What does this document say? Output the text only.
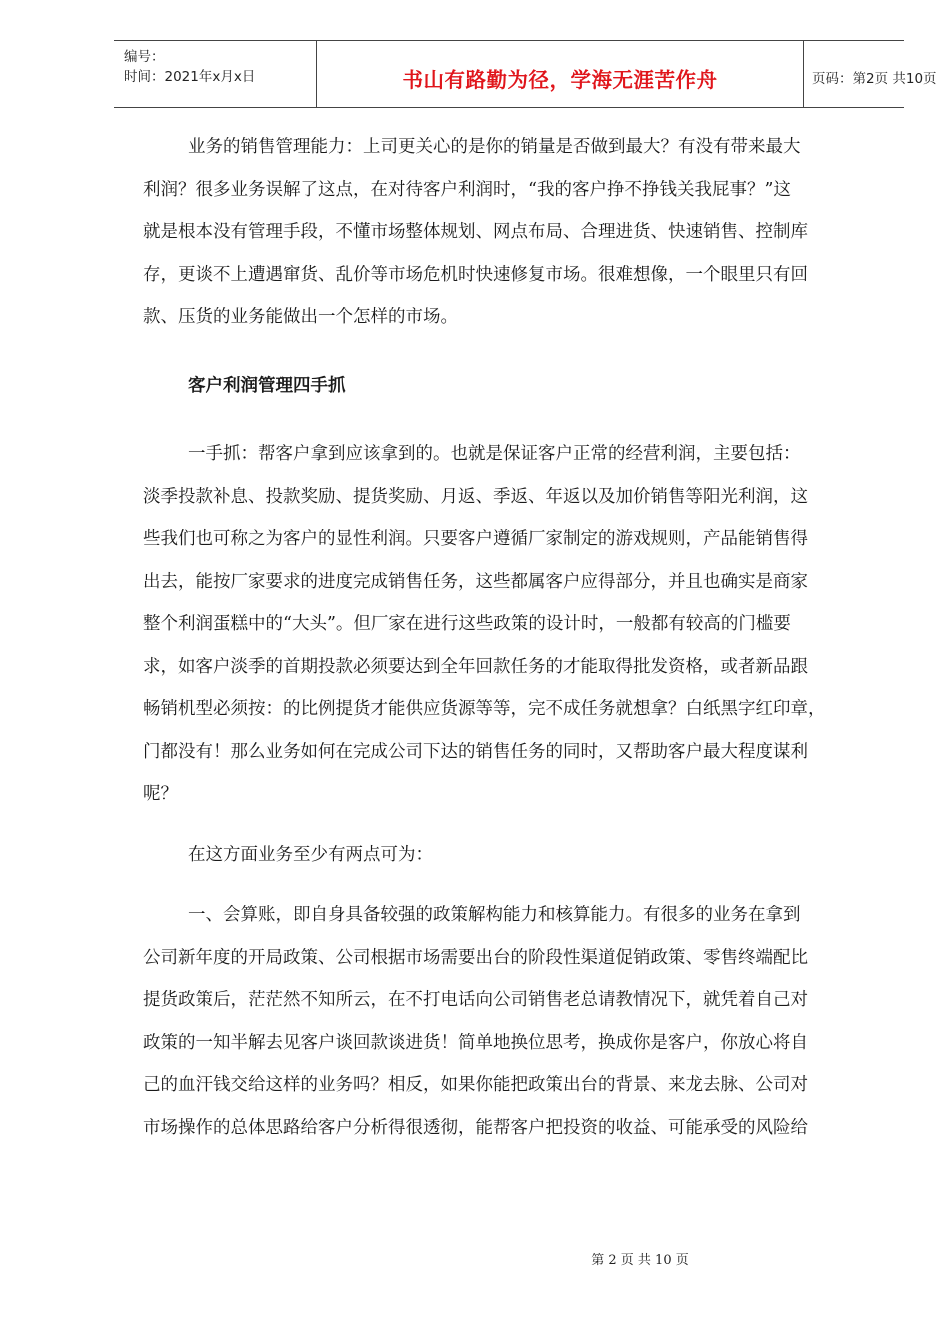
编号：
时间：2021年x月x日	书山有路勤为径，学海无涯苦作舟	页码：第2页 共10页

业务的销售管理能力：上司更关心的是你的销量是否做到最大？有没有带来最大

利润？很多业务误解了这点，在对待客户利润时，“我的客户挣不挣钱关我屁事？”这

就是根本没有管理手段，不懂市场整体规划、网点布局、合理进货、快速销售、控制库

存，更谈不上遭遇窜货、乱价等市场危机时快速修复市场。很难想像，一个眼里只有回

款、压货的业务能做出一个怎样的市场。

客户利润管理四手抓

一手抓：帮客户拿到应该拿到的。也就是保证客户正常的经营利润，主要包括：

淡季投款补息、投款奖励、提货奖励、月返、季返、年返以及加价销售等阳光利润，这

些我们也可称之为客户的显性利润。只要客户遵循厂家制定的游戏规则，产品能销售得

出去，能按厂家要求的进度完成销售任务，这些都属客户应得部分，并且也确实是商家

整个利润蛋糕中的“大头”。但厂家在进行这些政策的设计时，一般都有较高的门槛要

求，如客户淡季的首期投款必须要达到全年回款任务的才能取得批发资格，或者新品跟

畅销机型必须按：的比例提货才能供应货源等等，完不成任务就想拿？白纸黑字红印章，

门都没有！那么业务如何在完成公司下达的销售任务的同时，又帮助客户最大程度谋利

呢？

在这方面业务至少有两点可为：

一、会算账，即自身具备较强的政策解构能力和核算能力。有很多的业务在拿到

公司新年度的开局政策、公司根据市场需要出台的阶段性渠道促销政策、零售终端配比

提货政策后，茫茫然不知所云，在不打电话向公司销售老总请教情况下，就凭着自己对

政策的一知半解去见客户谈回款谈进货！简单地换位思考，换成你是客户，你放心将自

己的血汗钱交给这样的业务吗？相反，如果你能把政策出台的背景、来龙去脉、公司对

市场操作的总体思路给客户分析得很透彻，能帮客户把投资的收益、可能承受的风险给

第 2 页 共 10 页
